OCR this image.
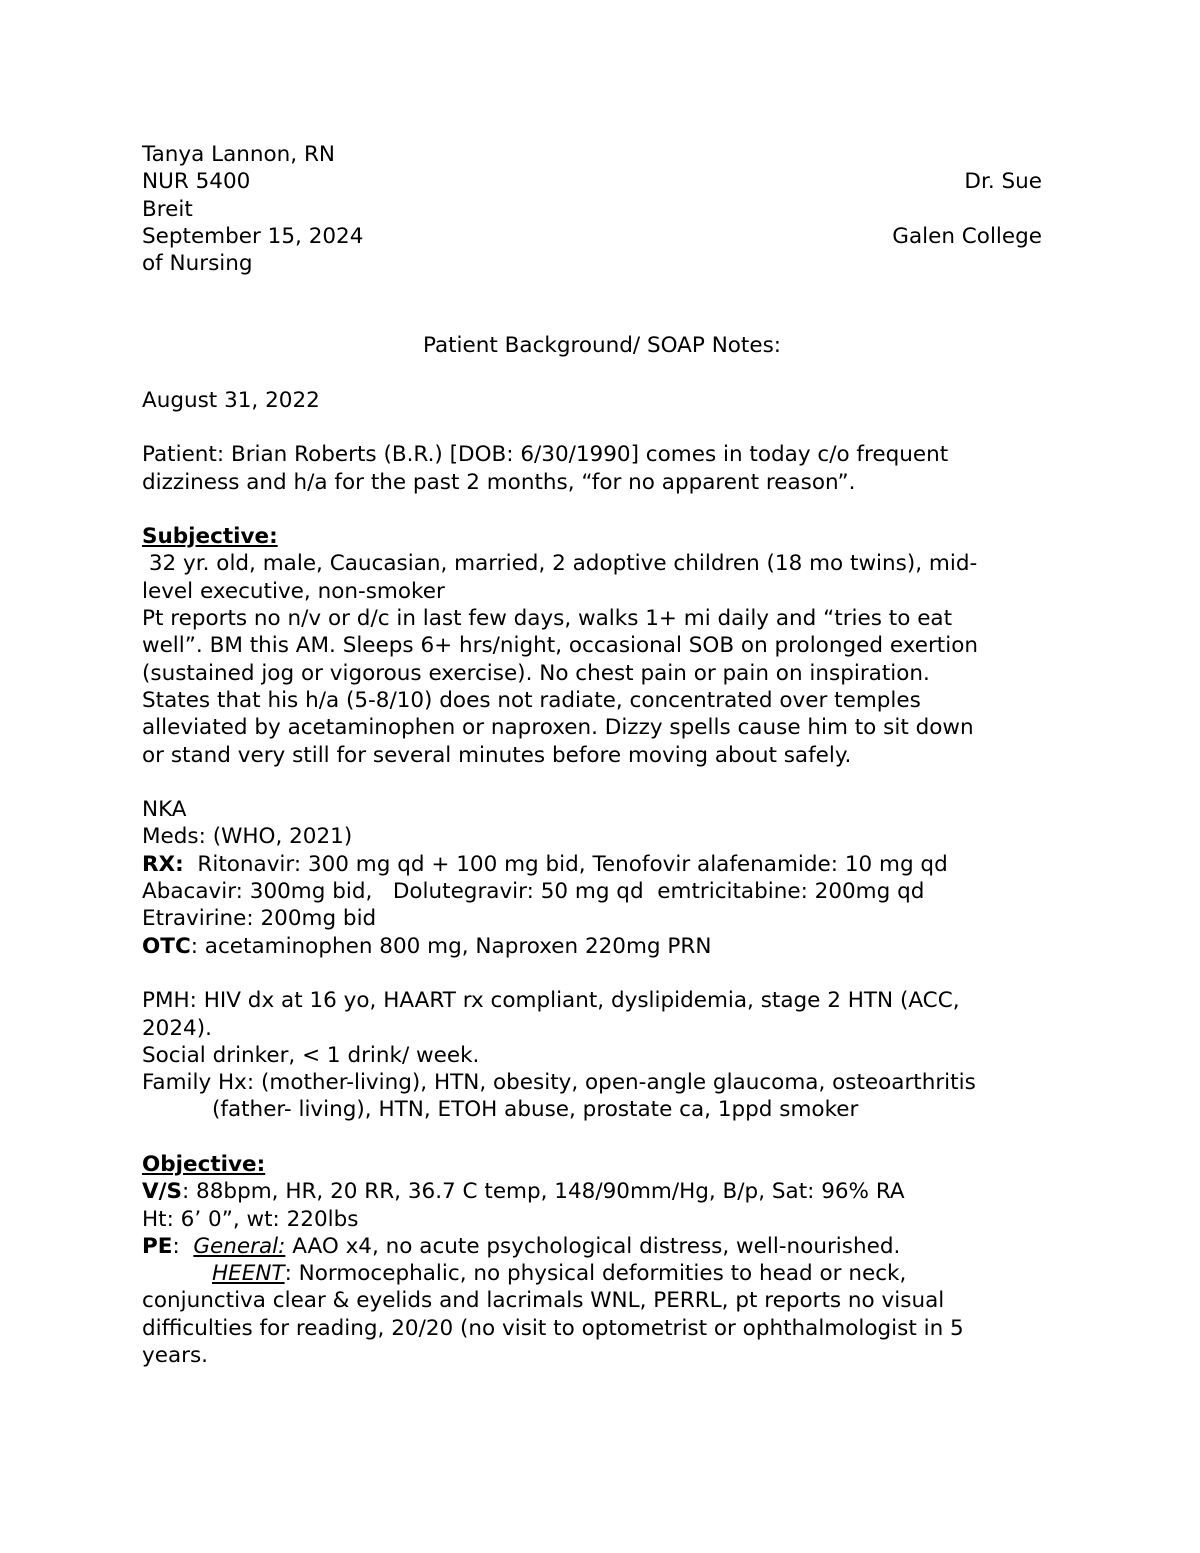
Tanya Lannon, RN
NUR 5400	Dr. Sue
Breit
September 15, 2024	Galen College
of Nursing
Patient Background/ SOAP Notes:
August 31, 2022
Patient: Brian Roberts (B.R.) [DOB: 6/30/1990] comes in today c/o frequent
dizziness and h/a for the past 2 months, “for no apparent reason”.
Subjective:
32 yr. old, male, Caucasian, married, 2 adoptive children (18 mo twins), mid-
level executive, non-smoker
Pt reports no n/v or d/c in last few days, walks 1+ mi daily and “tries to eat
well”. BM this AM. Sleeps 6+ hrs/night, occasional SOB on prolonged exertion
(sustained jog or vigorous exercise). No chest pain or pain on inspiration.
States that his h/a (5-8/10) does not radiate, concentrated over temples
alleviated by acetaminophen or naproxen. Dizzy spells cause him to sit down
or stand very still for several minutes before moving about safely.
NKA
Meds: (WHO, 2021)
RX:  Ritonavir: 300 mg qd + 100 mg bid, Tenofovir alafenamide: 10 mg qd
Abacavir: 300mg bid,   Dolutegravir: 50 mg qd  emtricitabine: 200mg qd
Etravirine: 200mg bid
OTC: acetaminophen 800 mg, Naproxen 220mg PRN
PMH: HIV dx at 16 yo, HAART rx compliant, dyslipidemia, stage 2 HTN (ACC,
2024).
Social drinker, < 1 drink/ week.
Family Hx: (mother-living), HTN, obesity, open-angle glaucoma, osteoarthritis
(father- living), HTN, ETOH abuse, prostate ca, 1ppd smoker
Objective:
V/S: 88bpm, HR, 20 RR, 36.7 C temp, 148/90mm/Hg, B/p, Sat: 96% RA
Ht: 6’ 0”, wt: 220lbs
PE:  General: AAO x4, no acute psychological distress, well-nourished.
HEENT: Normocephalic, no physical deformities to head or neck,
conjunctiva clear & eyelids and lacrimals WNL, PERRL, pt reports no visual
difficulties for reading, 20/20 (no visit to optometrist or ophthalmologist in 5
years.
